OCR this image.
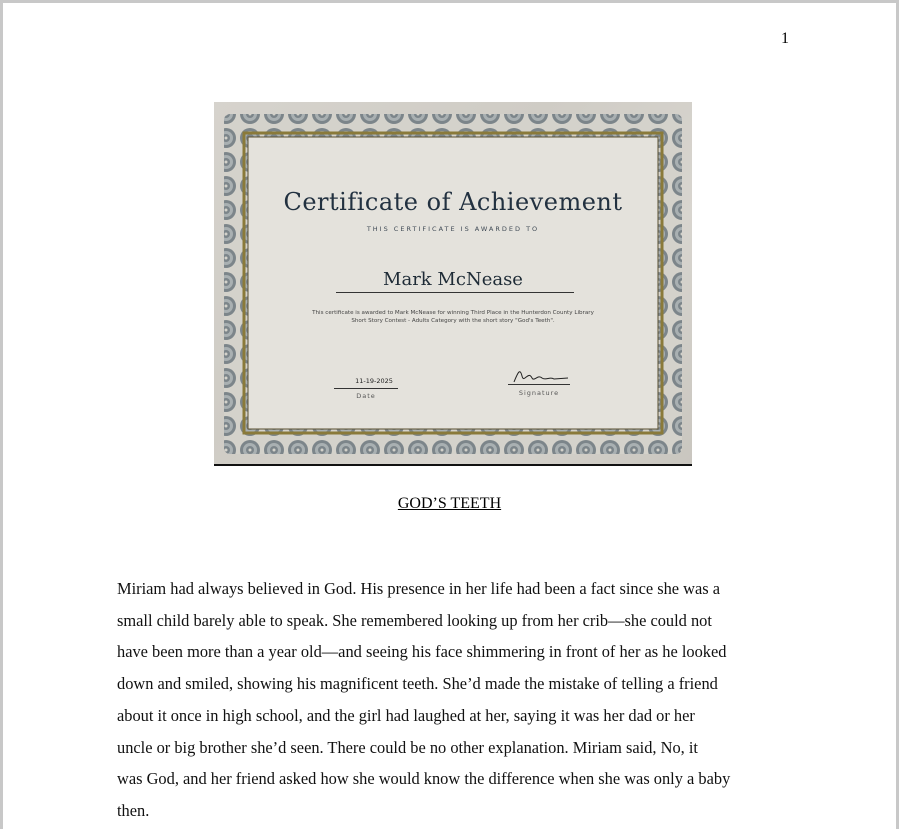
1
Certificate of Achievement
THIS CERTIFICATE IS AWARDED TO
Mark McNease
This certificate is awarded to Mark McNease for winning Third Place in the Hunterdon County Library
Short Story Contest - Adults Category with the short story "God's Teeth".
11-19-2025
Date	Signature
GOD’S TEETH
Miriam had always believed in God. His presence in her life had been a fact since she was a
small child barely able to speak. She remembered looking up from her crib—she could not
have been more than a year old—and seeing his face shimmering in front of her as he looked
down and smiled, showing his magnificent teeth. She’d made the mistake of telling a friend
about it once in high school, and the girl had laughed at her, saying it was her dad or her
uncle or big brother she’d seen. There could be no other explanation. Miriam said, No, it
was God, and her friend asked how she would know the difference when she was only a baby
then.
